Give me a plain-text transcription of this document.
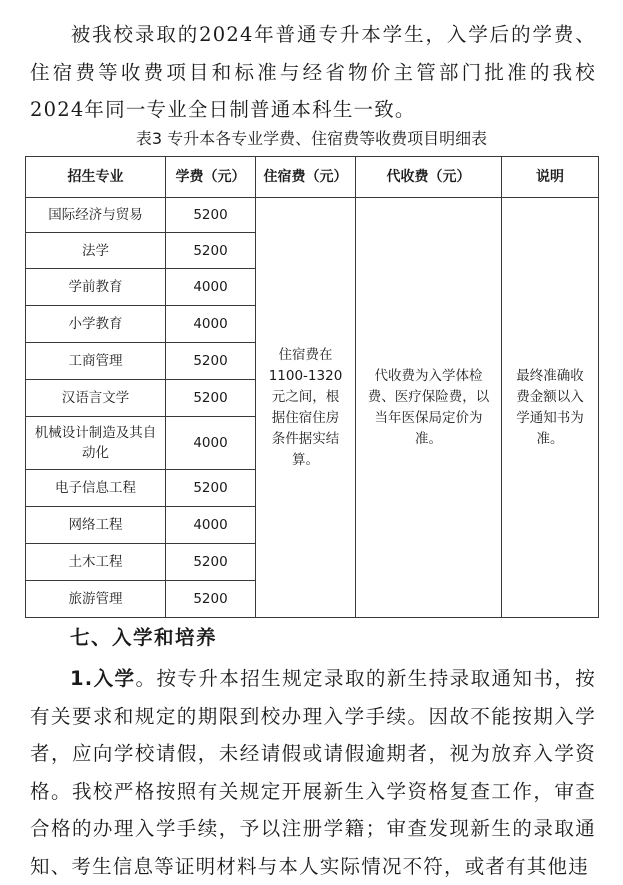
被我校录取的2024年普通专升本学生，入学后的学费、住宿费等收费项目和标准与经省物价主管部门批准的我校2024年同一专业全日制普通本科生一致。

表3 专升本各专业学费、住宿费等收费项目明细表

招生专业	学费（元）	住宿费（元）	代收费（元）	说明
国际经济与贸易	5200	住宿费在1100-1320元之间，根据住宿住房条件据实结算。	代收费为入学体检费、医疗保险费，以当年医保局定价为准。	最终准确收费金额以入学通知书为准。
法学	5200			
学前教育	4000			
小学教育	4000			
工商管理	5200			
汉语言文学	5200			
机械设计制造及其自动化	4000			
电子信息工程	5200			
网络工程	4000			
土木工程	5200			
旅游管理	5200			
七、入学和培养

1.入学。按专升本招生规定录取的新生持录取通知书，按有关要求和规定的期限到校办理入学手续。因故不能按期入学者，应向学校请假，未经请假或请假逾期者，视为放弃入学资格。我校严格按照有关规定开展新生入学资格复查工作，审查合格的办理入学手续，予以注册学籍；审查发现新生的录取通知、考生信息等证明材料与本人实际情况不符，或者有其他违
